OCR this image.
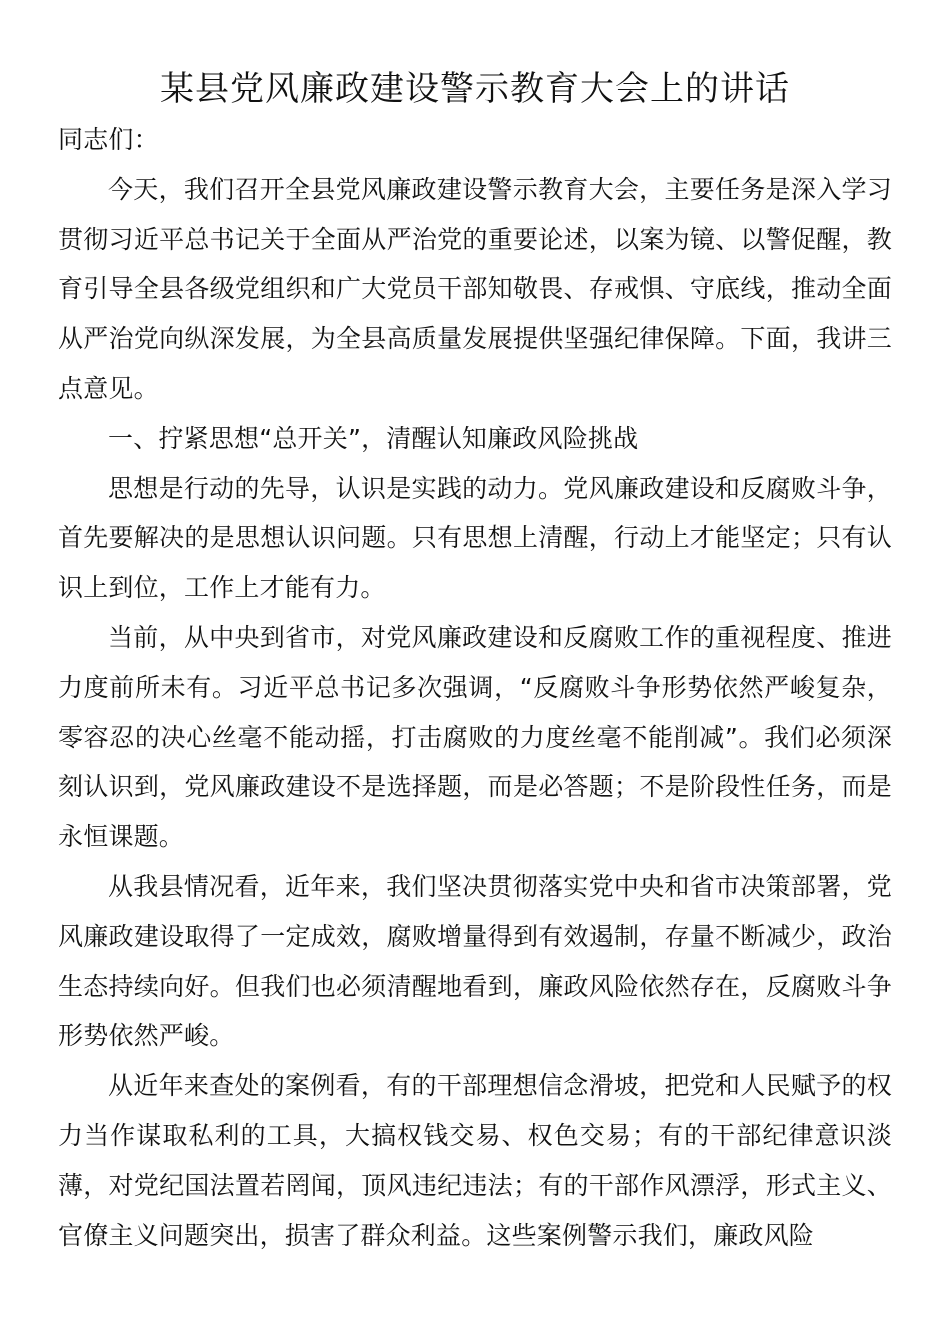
某县党风廉政建设警示教育大会上的讲话

同志们：

今天，我们召开全县党风廉政建设警示教育大会，主要任务是深入学习贯彻习近平总书记关于全面从严治党的重要论述，以案为镜、以警促醒，教育引导全县各级党组织和广大党员干部知敬畏、存戒惧、守底线，推动全面从严治党向纵深发展，为全县高质量发展提供坚强纪律保障。下面，我讲三点意见。

一、拧紧思想“总开关”，清醒认知廉政风险挑战

思想是行动的先导，认识是实践的动力。党风廉政建设和反腐败斗争，首先要解决的是思想认识问题。只有思想上清醒，行动上才能坚定；只有认识上到位，工作上才能有力。

当前，从中央到省市，对党风廉政建设和反腐败工作的重视程度、推进力度前所未有。习近平总书记多次强调，“反腐败斗争形势依然严峻复杂，零容忍的决心丝毫不能动摇，打击腐败的力度丝毫不能削减”。我们必须深刻认识到，党风廉政建设不是选择题，而是必答题；不是阶段性任务，而是永恒课题。

从我县情况看，近年来，我们坚决贯彻落实党中央和省市决策部署，党风廉政建设取得了一定成效，腐败增量得到有效遏制，存量不断减少，政治生态持续向好。但我们也必须清醒地看到，廉政风险依然存在，反腐败斗争形势依然严峻。

从近年来查处的案例看，有的干部理想信念滑坡，把党和人民赋予的权力当作谋取私利的工具，大搞权钱交易、权色交易；有的干部纪律意识淡薄，对党纪国法置若罔闻，顶风违纪违法；有的干部作风漂浮，形式主义、官僚主义问题突出，损害了群众利益。这些案例警示我们，廉政风险
